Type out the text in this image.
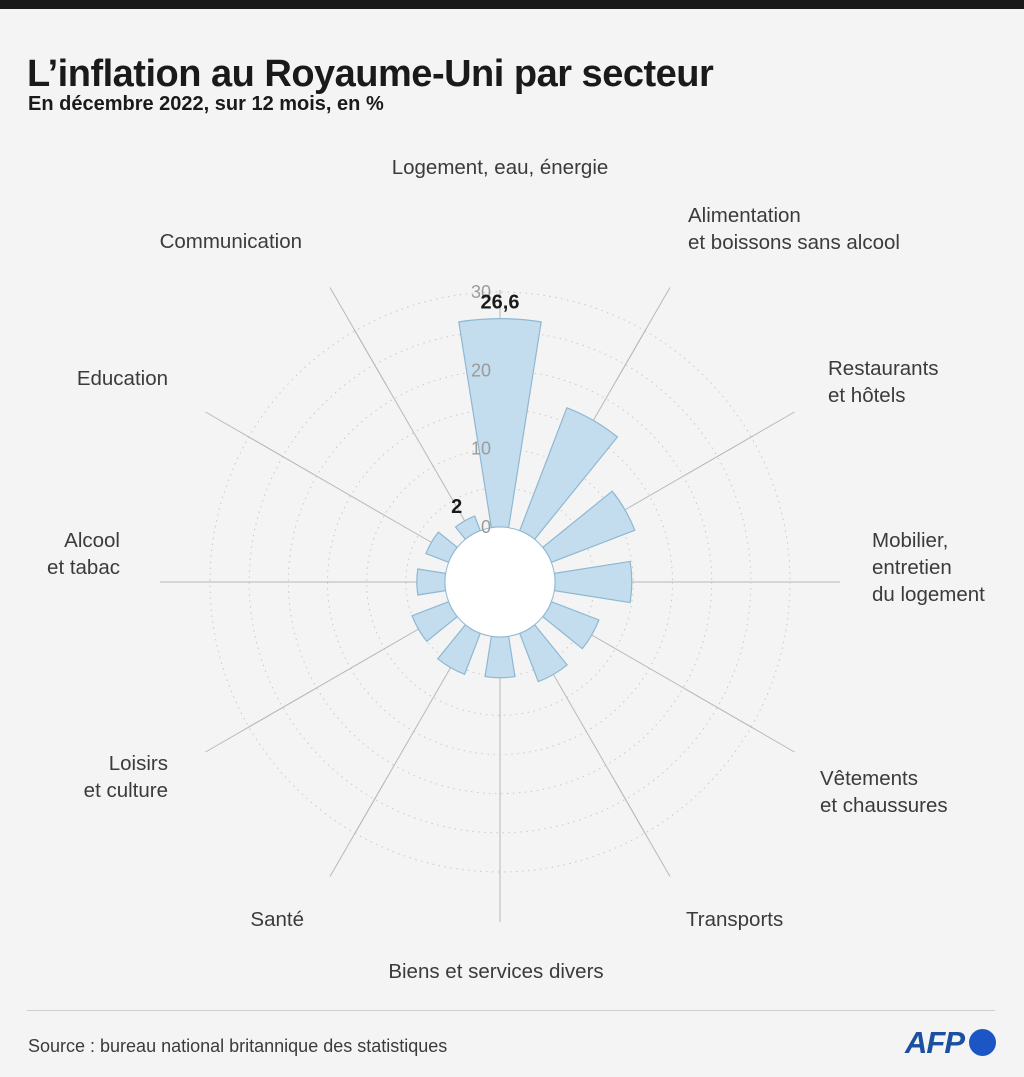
L’inflation au Royaume-Uni par secteur
En décembre 2022, sur 12 mois, en %
0
10
20
30
26,6
2
Logement, eau, énergie
Alimentation
et boissons sans alcool
Restaurants
et hôtels
Mobilier,
entretien
du logement
Vêtements
et chaussures
Transports
Biens et services divers
Santé
Loisirs
et culture
Alcool
et tabac
Education
Communication
Source : bureau national britannique des statistiques	AFP
